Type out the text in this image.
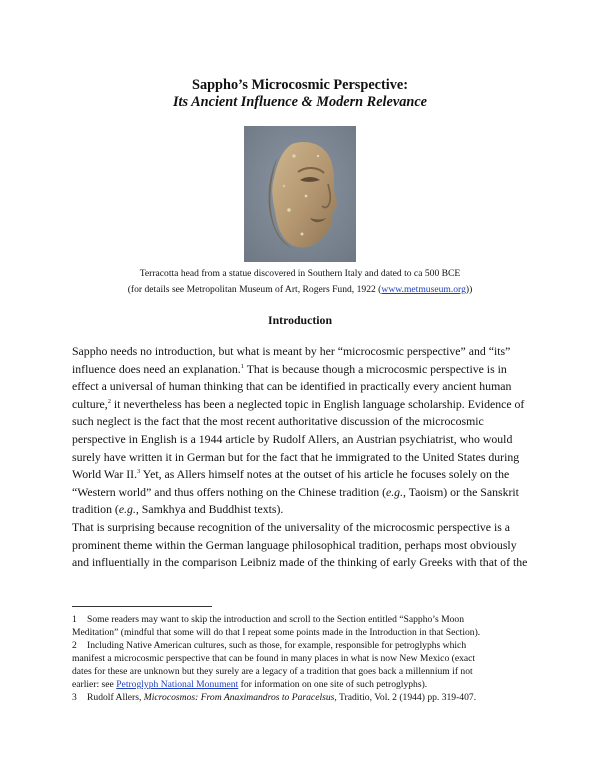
Sappho’s Microcosmic Perspective:
Its Ancient Influence & Modern Relevance
Terracotta head from a statue discovered in Southern Italy and dated to ca 500 BCE
(for details see Metropolitan Museum of Art, Rogers Fund, 1922 (www.metmuseum.org))
Introduction
Sappho needs no introduction, but what is meant by her “microcosmic perspective” and “its”
influence does need an explanation.$^1$ That is because though a microcosmic perspective is in
effect a universal of human thinking that can be identified in practically every ancient human
culture,$^2$ it nevertheless has been a neglected topic in English language scholarship. Evidence of
such neglect is the fact that the most recent authoritative discussion of the microcosmic
perspective in English is a 1944 article by Rudolf Allers, an Austrian psychiatrist, who would
surely have written it in German but for the fact that he immigrated to the United States during
World War II.$^3$ Yet, as Allers himself notes at the outset of his article he focuses solely on the
“Western world” and thus offers nothing on the Chinese tradition (e.g., Taoism) or the Sanskrit
tradition (e.g., Samkhya and Buddhist texts).
That is surprising because recognition of the universality of the microcosmic perspective is a
prominent theme within the German language philosophical tradition, perhaps most obviously
and influentially in the comparison Leibniz made of the thinking of early Greeks with that of the
1 Some readers may want to skip the introduction and scroll to the Section entitled “Sappho’s Moon
Meditation” (mindful that some will do that I repeat some points made in the Introduction in that Section).
2 Including Native American cultures, such as those, for example, responsible for petroglyphs which
manifest a microcosmic perspective that can be found in many places in what is now New Mexico (exact
dates for these are unknown but they surely are a legacy of a tradition that goes back a millennium if not
earlier: see Petroglyph National Monument for information on one site of such petroglyphs).
3 Rudolf Allers, Microcosmos: From Anaximandros to Paracelsus, Traditio, Vol. 2 (1944) pp. 319-407.
